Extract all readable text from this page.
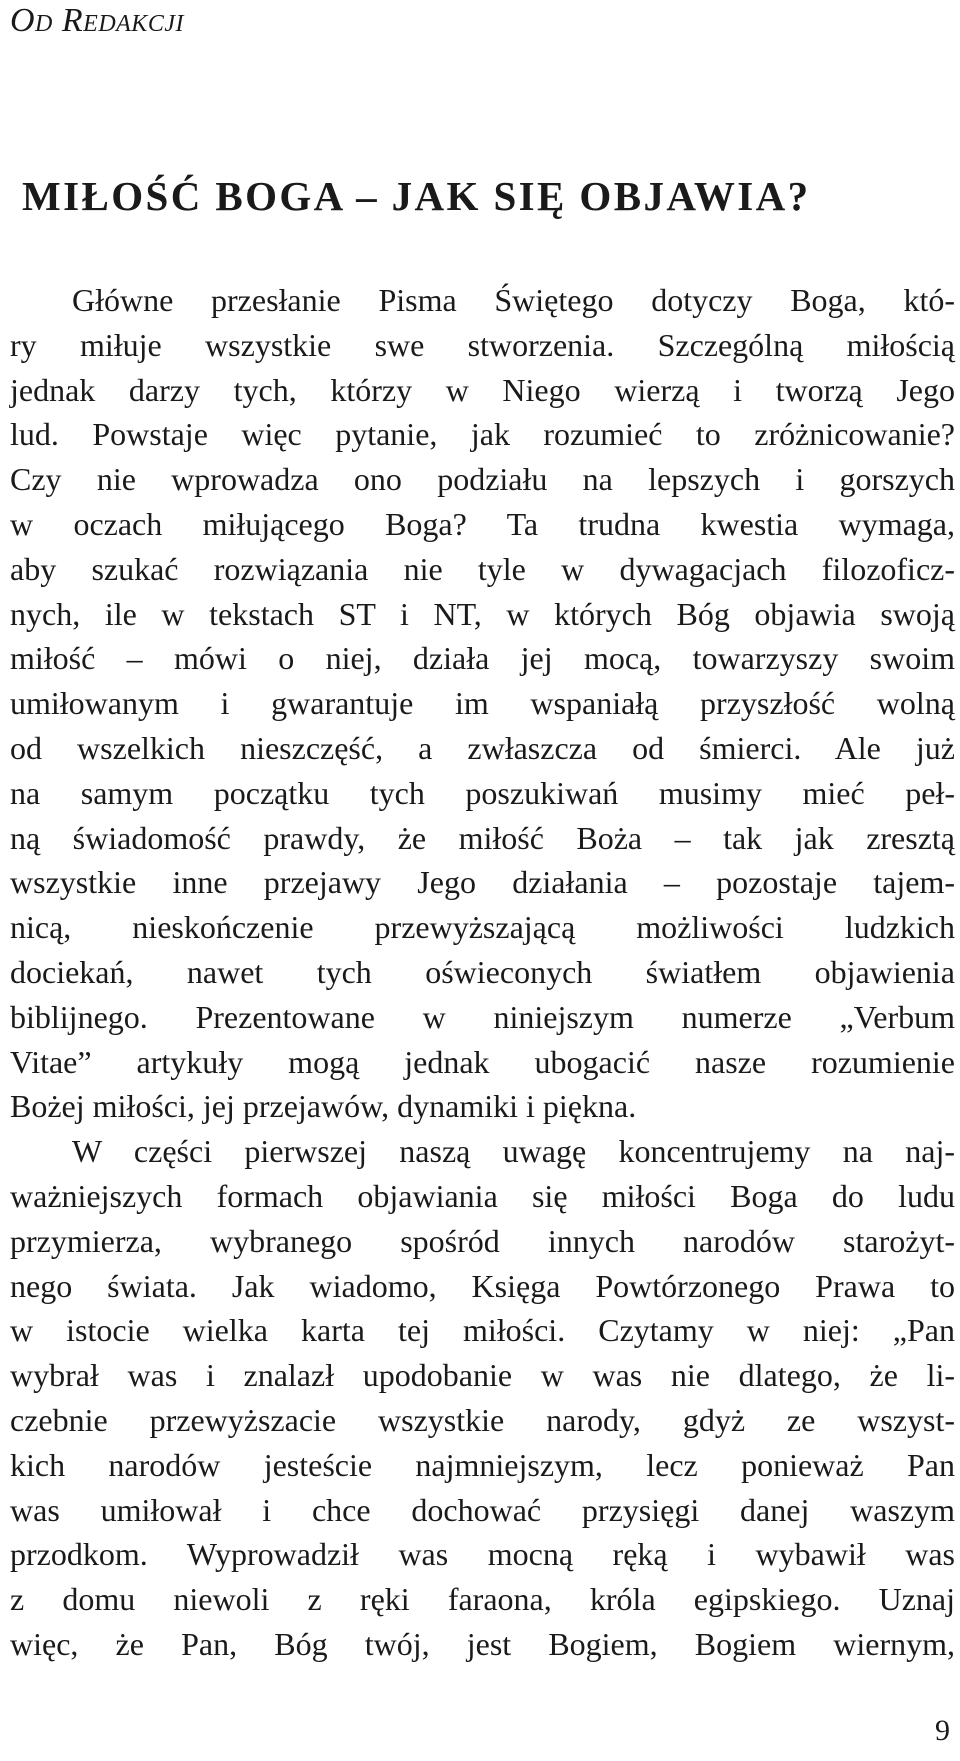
Od Redakcji
MIŁOŚĆ BOGA – JAK SIĘ OBJAWIA?
Główne przesłanie Pisma Świętego dotyczy Boga, któ-
ry miłuje wszystkie swe stworzenia. Szczególną miłością
jednak darzy tych, którzy w Niego wierzą i tworzą Jego
lud. Powstaje więc pytanie, jak rozumieć to zróżnicowanie?
Czy nie wprowadza ono podziału na lepszych i gorszych
w oczach miłującego Boga? Ta trudna kwestia wymaga,
aby szukać rozwiązania nie tyle w dywagacjach filozoficz-
nych, ile w tekstach ST i NT, w których Bóg objawia swoją
miłość – mówi o niej, działa jej mocą, towarzyszy swoim
umiłowanym i gwarantuje im wspaniałą przyszłość wolną
od wszelkich nieszczęść, a zwłaszcza od śmierci. Ale już
na samym początku tych poszukiwań musimy mieć peł-
ną świadomość prawdy, że miłość Boża – tak jak zresztą
wszystkie inne przejawy Jego działania – pozostaje tajem-
nicą, nieskończenie przewyższającą możliwości ludzkich
dociekań, nawet tych oświeconych światłem objawienia
biblijnego. Prezentowane w niniejszym numerze „Verbum
Vitae” artykuły mogą jednak ubogacić nasze rozumienie
Bożej miłości, jej przejawów, dynamiki i piękna.
W części pierwszej naszą uwagę koncentrujemy na naj-
ważniejszych formach objawiania się miłości Boga do ludu
przymierza, wybranego spośród innych narodów starożyt-
nego świata. Jak wiadomo, Księga Powtórzonego Prawa to
w istocie wielka karta tej miłości. Czytamy w niej: „Pan
wybrał was i znalazł upodobanie w was nie dlatego, że li-
czebnie przewyższacie wszystkie narody, gdyż ze wszyst-
kich narodów jesteście najmniejszym, lecz ponieważ Pan
was umiłował i chce dochować przysięgi danej waszym
przodkom. Wyprowadził was mocną ręką i wybawił was
z domu niewoli z ręki faraona, króla egipskiego. Uznaj
więc, że Pan, Bóg twój, jest Bogiem, Bogiem wiernym,
9
